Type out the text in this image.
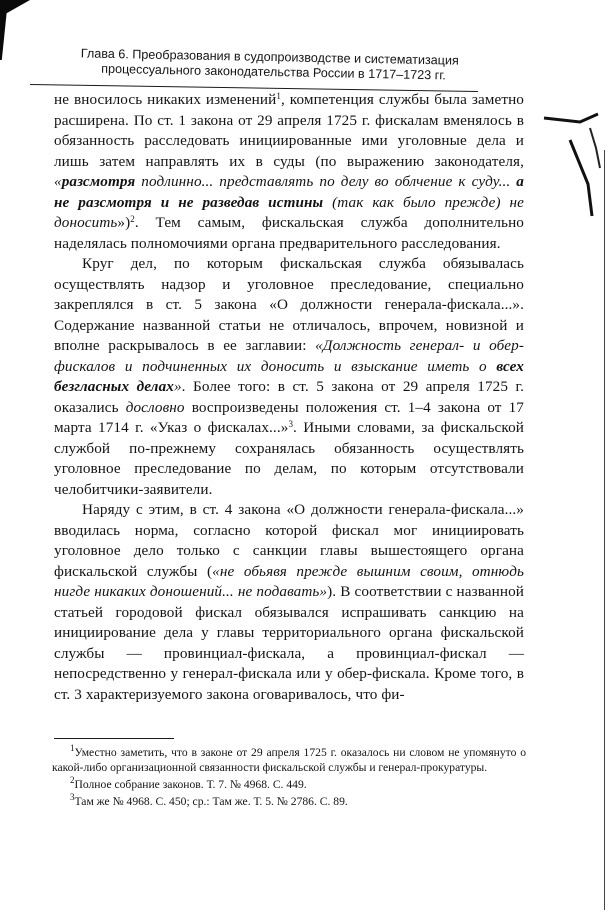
Глава 6. Преобразования в судопроизводстве и систематизация
процессуального законодательства России в 1717–1723 гг.

не вносилось никаких изменений$^1$, компетенция службы была заметно расширена. По ст. 1 закона от 29 апреля 1725 г. фискалам вменялось в обязанность расследовать инициированные ими уголовные дела и лишь затем направлять их в суды (по выражению законодателя, «разсмотря подлинно... представлять по делу во облчение к суду... а не разсмотря и не разведав истины (так как было прежде) не доносить»)$^2$. Тем самым, фискальская служба дополнительно наделялась полномочиями органа предварительного расследования.

Круг дел, по которым фискальская служба обязывалась осуществлять надзор и уголовное преследование, специально закреплялся в ст. 5 закона «О должности генерала-фискала...». Содержание названной статьи не отличалось, впрочем, новизной и вполне раскрывалось в ее заглавии: «Должность генерал- и обер-фискалов и подчиненных их доносить и взыскание иметь о всех безгласных делах». Более того: в ст. 5 закона от 29 апреля 1725 г. оказались дословно воспроизведены положения ст. 1–4 закона от 17 марта 1714 г. «Указ о фискалах...»$^3$. Иными словами, за фискальской службой по-прежнему сохранялась обязанность осуществлять уголовное преследование по делам, по которым отсутствовали челобитчики-заявители.

Наряду с этим, в ст. 4 закона «О должности генерала-фискала...» вводилась норма, согласно которой фискал мог инициировать уголовное дело только с санкции главы вышестоящего органа фискальской службы («не обьявя прежде вышним своим, отнюдь нигде никаких доношений... не подавать»). В соответствии с названной статьей городовой фискал обязывался испрашивать санкцию на инициирование дела у главы территориального органа фискальской службы — провинциал-фискала, а провинциал-фискал — непосредственно у генерал-фискала или у обер-фискала. Кроме того, в ст. 3 характеризуемого закона оговаривалось, что фи-

$^1$Уместно заметить, что в законе от 29 апреля 1725 г. оказалось ни словом не упомянуто о какой-либо организационной связанности фискальской службы и генерал-прокуратуры.

$^2$Полное собрание законов. Т. 7. № 4968. С. 449.

$^3$Там же № 4968. С. 450; ср.: Там же. Т. 5. № 2786. С. 89.
